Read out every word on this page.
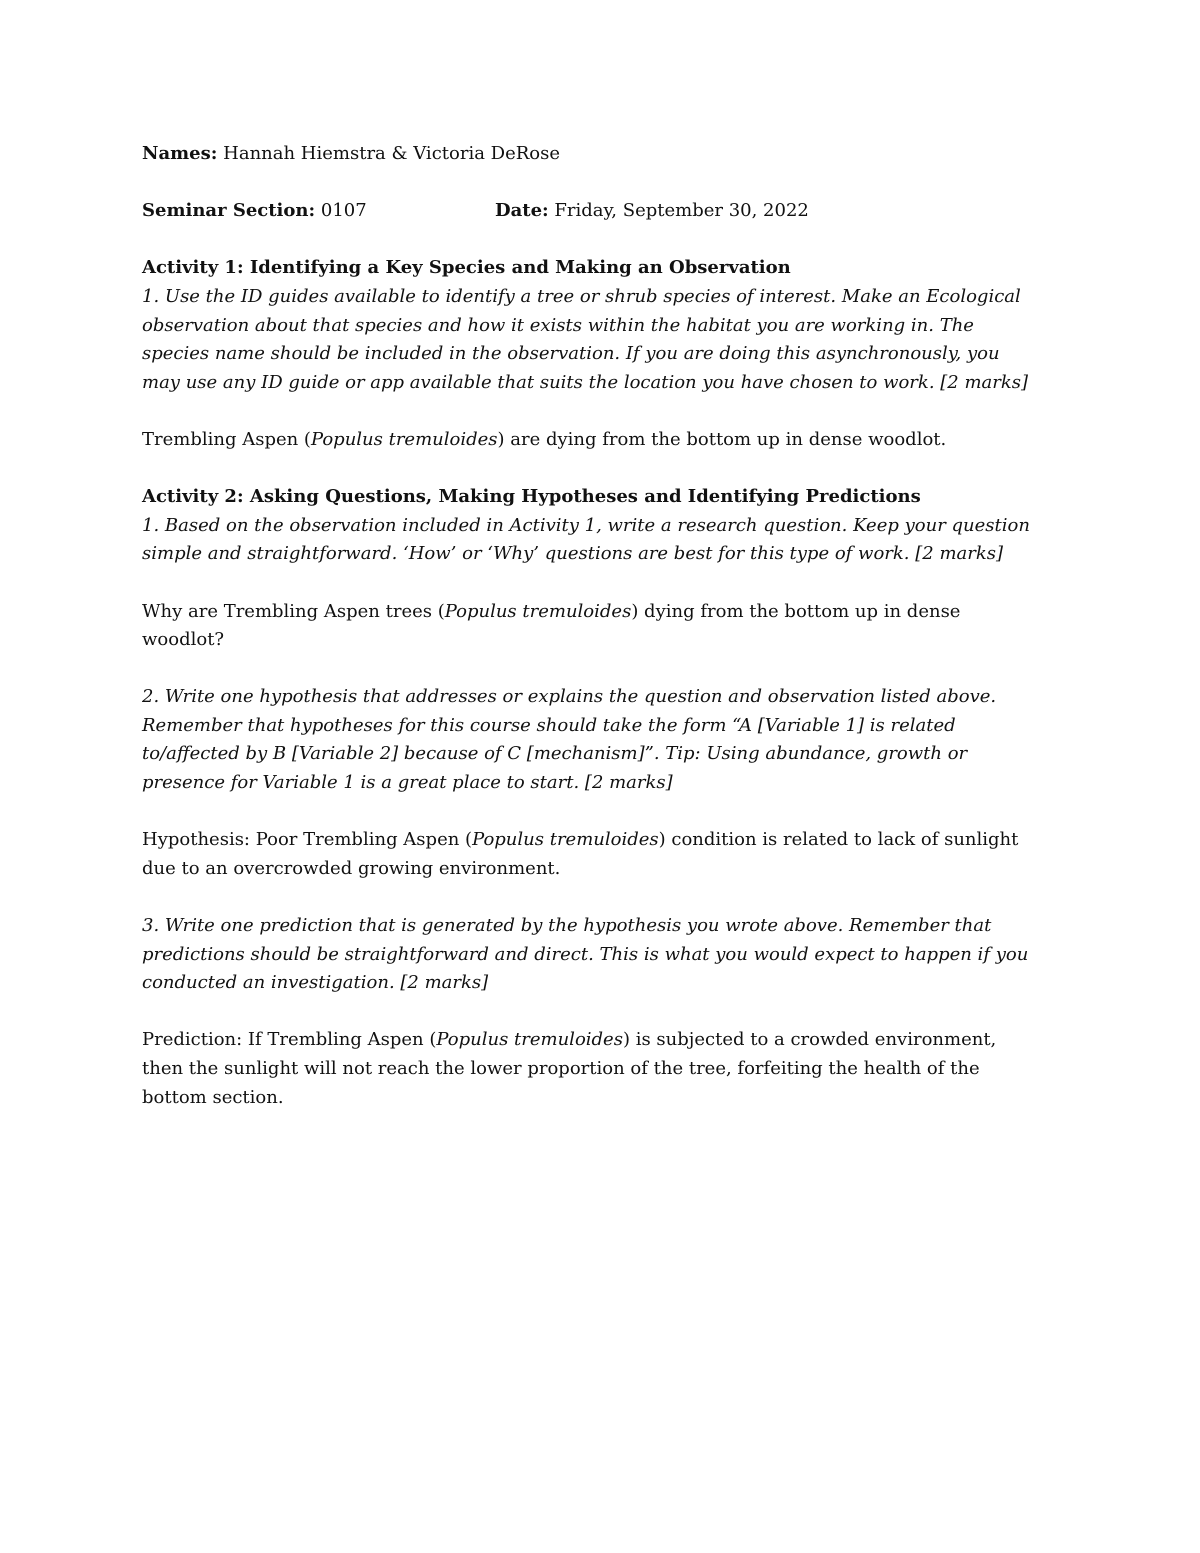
Names: Hannah Hiemstra & Victoria DeRose

Seminar Section: 0107	Date: Friday, September 30, 2022

Activity 1: Identifying a Key Species and Making an Observation

1. Use the ID guides available to identify a tree or shrub species of interest. Make an Ecological observation about that species and how it exists within the habitat you are working in. The species name should be included in the observation. If you are doing this asynchronously, you may use any ID guide or app available that suits the location you have chosen to work. [2 marks]

Trembling Aspen (Populus tremuloides) are dying from the bottom up in dense woodlot.

Activity 2: Asking Questions, Making Hypotheses and Identifying Predictions

1. Based on the observation included in Activity 1, write a research question. Keep your question simple and straightforward. ‘How’ or ‘Why’ questions are best for this type of work. [2 marks]

Why are Trembling Aspen trees (Populus tremuloides) dying from the bottom up in dense woodlot?

2. Write one hypothesis that addresses or explains the question and observation listed above. Remember that hypotheses for this course should take the form “A [Variable 1] is related to/affected by B [Variable 2] because of C [mechanism]”. Tip: Using abundance, growth or presence for Variable 1 is a great place to start. [2 marks]

Hypothesis: Poor Trembling Aspen (Populus tremuloides) condition is related to lack of sunlight due to an overcrowded growing environment.

3. Write one prediction that is generated by the hypothesis you wrote above. Remember that predictions should be straightforward and direct. This is what you would expect to happen if you conducted an investigation. [2 marks]

Prediction: If Trembling Aspen (Populus tremuloides) is subjected to a crowded environment, then the sunlight will not reach the lower proportion of the tree, forfeiting the health of the bottom section.
